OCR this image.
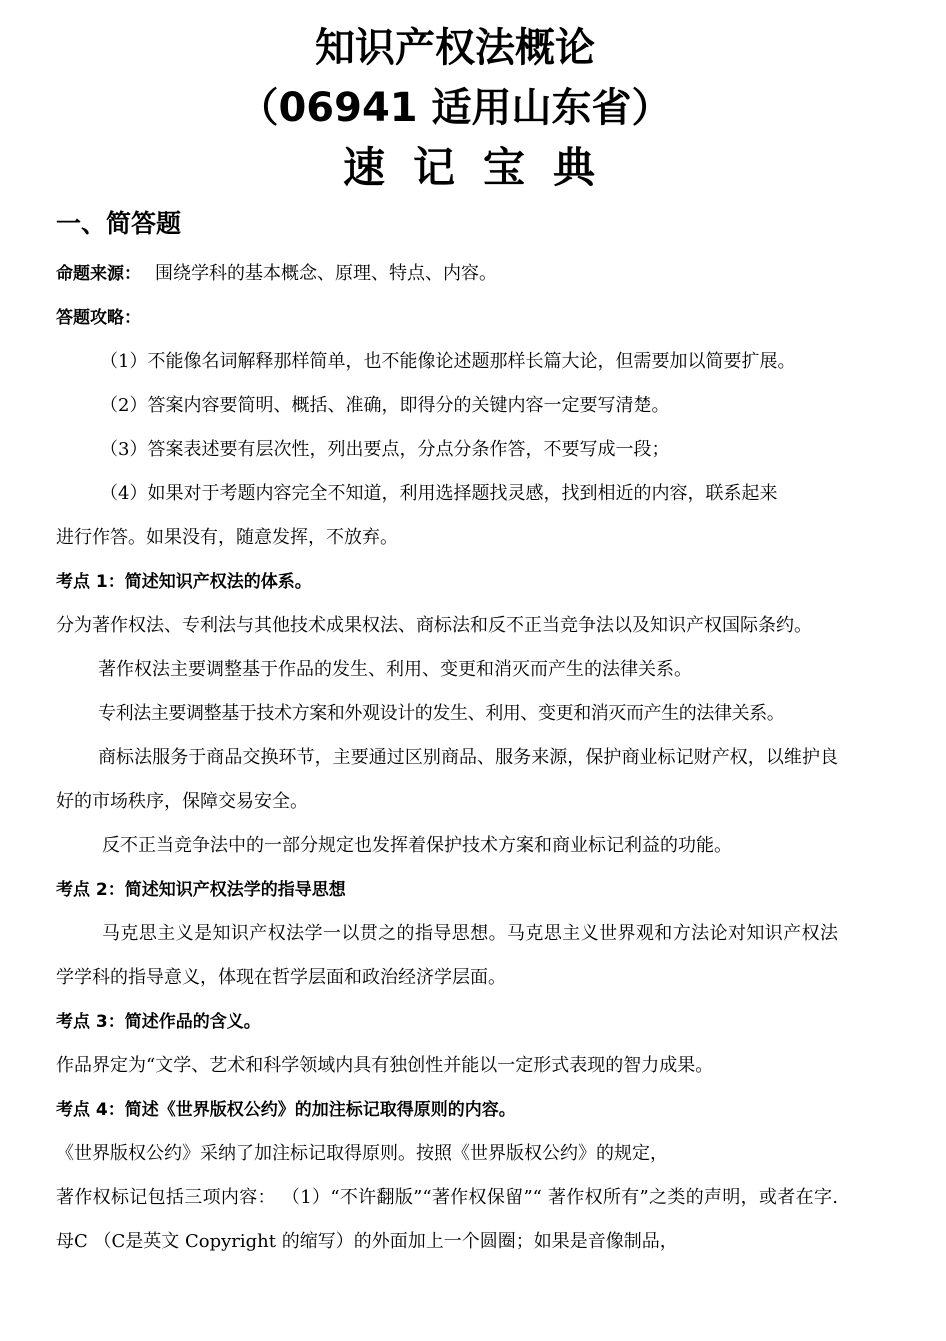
知识产权法概论
（06941 适用山东省）
速记宝典
一、简答题

命题来源： 围绕学科的基本概念、原理、特点、内容。

答题攻略：

（1）不能像名词解释那样简单，也不能像论述题那样长篇大论，但需要加以简要扩展。

（2）答案内容要简明、概括、准确，即得分的关键内容一定要写清楚。

（3）答案表述要有层次性，列出要点，分点分条作答，不要写成一段；

（4）如果对于考题内容完全不知道，利用选择题找灵感，找到相近的内容，联系起来

进行作答。如果没有，随意发挥，不放弃。

考点 1：简述知识产权法的体系。

分为著作权法、专利法与其他技术成果权法、商标法和反不正当竞争法以及知识产权国际条约。

著作权法主要调整基于作品的发生、利用、变更和消灭而产生的法律关系。

专利法主要调整基于技术方案和外观设计的发生、利用、变更和消灭而产生的法律关系。

商标法服务于商品交换环节，主要通过区别商品、服务来源，保护商业标记财产权，以维护良好的市场秩序，保障交易安全。

反不正当竞争法中的一部分规定也发挥着保护技术方案和商业标记利益的功能。

考点 2：简述知识产权法学的指导思想

马克思主义是知识产权法学一以贯之的指导思想。马克思主义世界观和方法论对知识产权法学学科的指导意义，体现在哲学层面和政治经济学层面。

考点 3：简述作品的含义。

作品界定为“文学、艺术和科学领域内具有独创性并能以一定形式表现的智力成果。

考点 4：简述《世界版权公约》的加注标记取得原则的内容。

《世界版权公约》采纳了加注标记取得原则。按照《世界版权公约》的规定，

著作权标记包括三项内容： （1）“不许翻版”“著作权保留”“ 著作权所有”之类的声明，或者在字.母C （C是英文 Copyright 的缩写）的外面加上一个圆圈；如果是音像制品，
